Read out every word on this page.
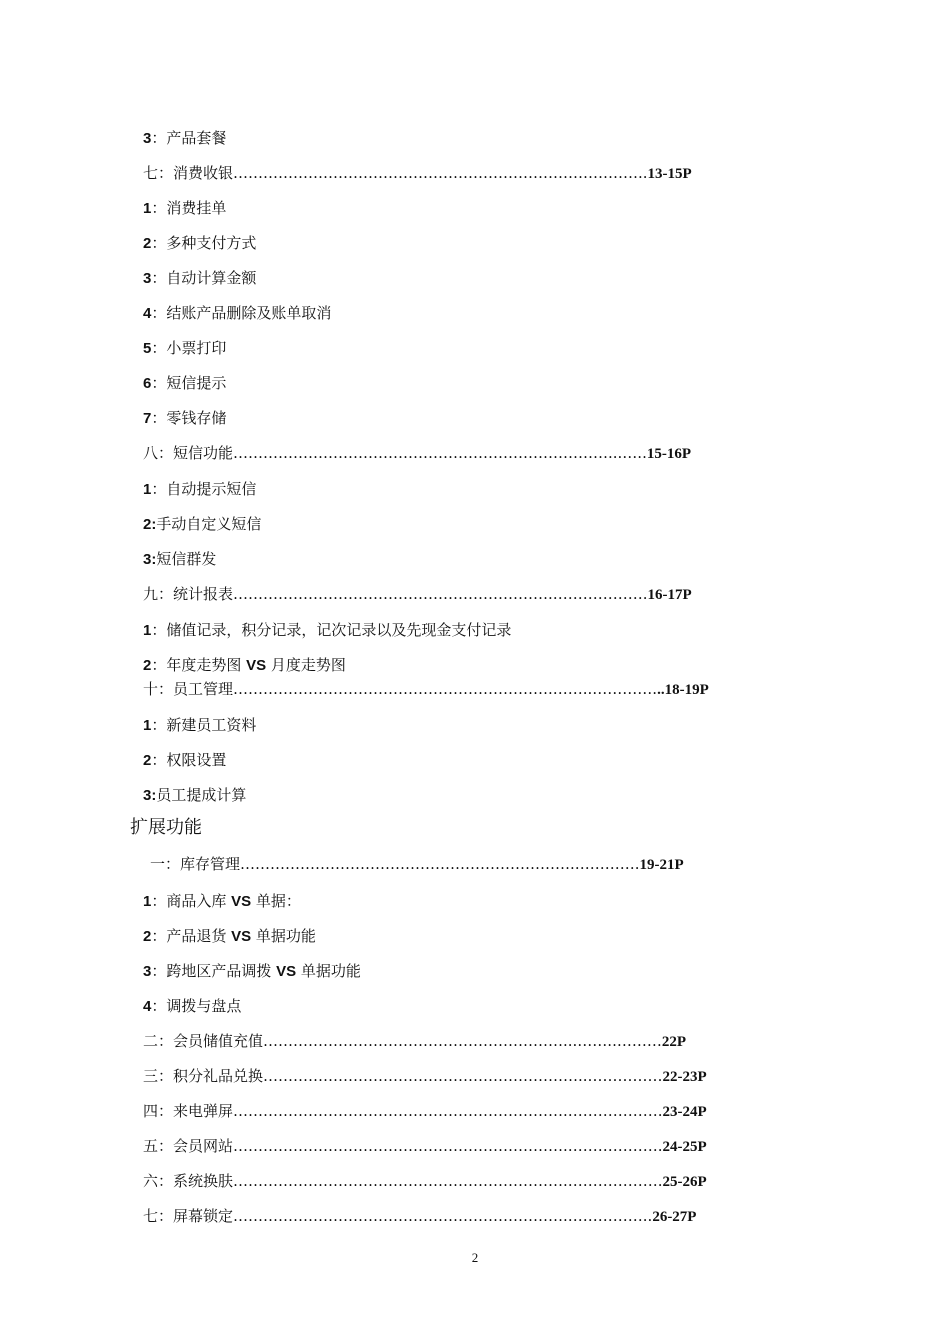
3：产品套餐
七：消费收银………………………………………………………………………..13-15P
1：消费挂单
2：多种支付方式
3：自动计算金额
4：结账产品删除及账单取消
5：小票打印
6：短信提示
7：零钱存储
八：短信功能…………………………………………………………………...…..15-16P
1：自动提示短信
2:手动自定义短信
3:短信群发
九：统计报表……………………………………………………….……………….16-17P
1：储值记录，积分记录，记次记录以及先现金支付记录
2：年度走势图 VS 月度走势图
十：员工管理……………………………………………………….……..…………...18-19P
1：新建员工资料
2：权限设置
3:员工提成计算
一：库存管理………………………………………………………….………….19-21P
1：商品入库 VS 单据：
2：产品退货 VS 单据功能
3：跨地区产品调拨 VS 单据功能
4：调拨与盘点
二：会员储值充值……………………………………………………...……..………22P
三：积分礼品兑换………………………………………………………..……………22-23P
四：来电弹屏………………………………………………………….……………….23-24P
五：会员网站………………………………………………………….……………….24-25P
六：系统换肤………………………………………………………….……………….25-26P
七：屏幕锁定………………………………………………………….……………..26-27P
扩展功能
2
